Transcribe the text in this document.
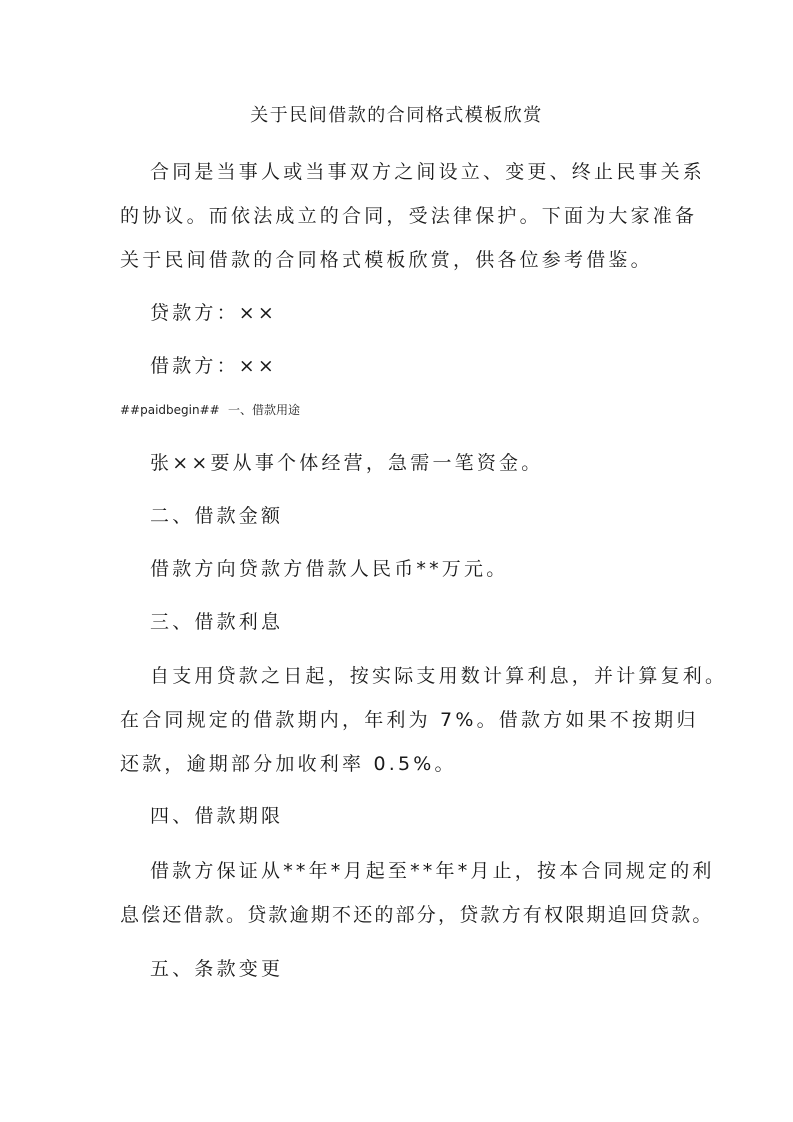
关于民间借款的合同格式模板欣赏

合同是当事人或当事双方之间设立、变更、终止民事关系
的协议。而依法成立的合同，受法律保护。下面为大家准备
关于民间借款的合同格式模板欣赏，供各位参考借鉴。

贷款方：××
借款方：××
##paidbegin## 一、借款用途
张××要从事个体经营，急需一笔资金。
二、借款金额
借款方向贷款方借款人民币**万元。
三、借款利息

自支用贷款之日起，按实际支用数计算利息，并计算复利。
在合同规定的借款期内，年利为 7%。借款方如果不按期归
还款，逾期部分加收利率 0.5%。

四、借款期限

借款方保证从**年*月起至**年*月止，按本合同规定的利
息偿还借款。贷款逾期不还的部分，贷款方有权限期追回贷款。

五、条款变更
